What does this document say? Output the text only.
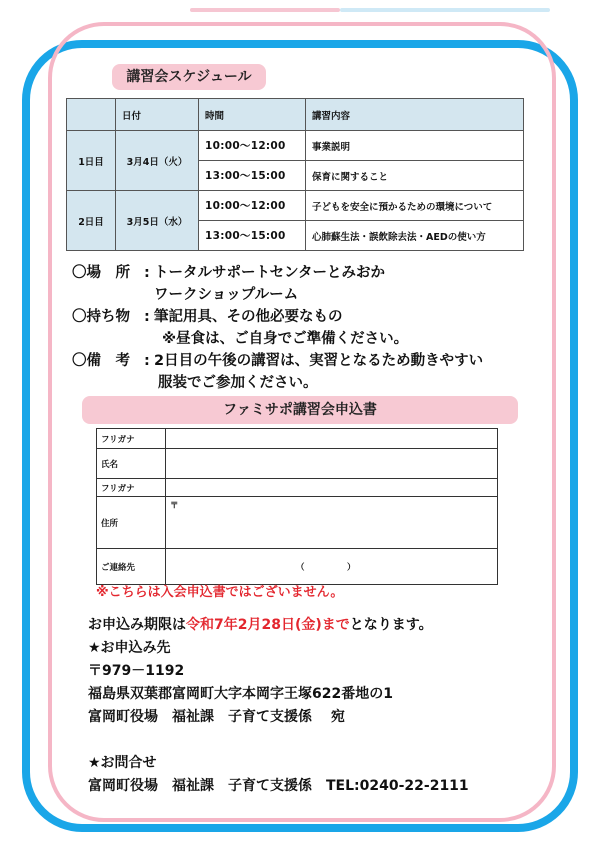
講習会スケジュール
	日付	時間	講習内容
1日目	3月4日（火）	10:00～12:00	事業説明
		13:00～15:00	保育に関すること
2日目	3月5日（水）	10:00～12:00	子どもを安全に預かるための環境について
		13:00～15:00	心肺蘇生法・誤飲除去法・AEDの使い方
〇場　所 : トータルサポートセンターとみおか
ワークショップルーム
〇持ち物 : 筆記用具、その他必要なもの
※昼食は、ご自身でご準備ください。
〇備　考 : 2日目の午後の講習は、実習となるため動きやすい
服装でご参加ください。
ファミサポ講習会申込書
フリガナ	
氏名	
フリガナ	
住所	〒
ご連絡先	（　　　　　）
※こちらは入会申込書ではございません。
お申込み期限は令和7年2月28日(金)までとなります。
★お申込み先
〒979－1192
福島県双葉郡富岡町大字本岡字王塚622番地の1
富岡町役場　福祉課　子育て支援係　 宛
★お問合せ
富岡町役場　福祉課　子育て支援係　TEL:0240-22-2111
